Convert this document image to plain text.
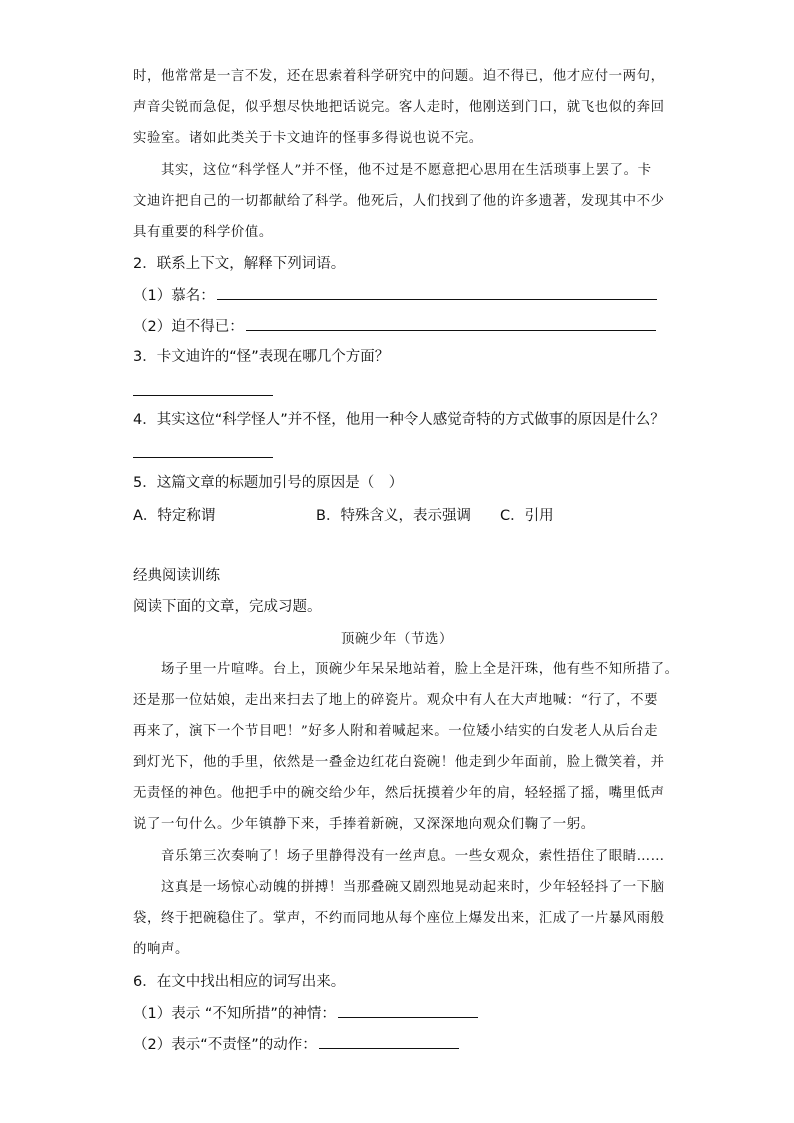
时，他常常是一言不发，还在思索着科学研究中的问题。迫不得已，他才应付一两句，
声音尖锐而急促，似乎想尽快地把话说完。客人走时，他刚送到门口，就飞也似的奔回
实验室。诸如此类关于卡文迪许的怪事多得说也说不完。
其实，这位“科学怪人”并不怪，他不过是不愿意把心思用在生活琐事上罢了。卡
文迪许把自己的一切都献给了科学。他死后，人们找到了他的许多遗著，发现其中不少
具有重要的科学价值。
2．联系上下文，解释下列词语。
（1）慕名：
（2）迫不得已：
3．卡文迪许的“怪”表现在哪几个方面？
4．其实这位“科学怪人”并不怪，他用一种令人感觉奇特的方式做事的原因是什么？
5．这篇文章的标题加引号的原因是（　）
A．特定称谓	B．特殊含义，表示强调 C．引用
经典阅读训练
阅读下面的文章，完成习题。
顶碗少年（节选）
场子里一片喧哗。台上，顶碗少年呆呆地站着，脸上全是汗珠，他有些不知所措了。
还是那一位姑娘，走出来扫去了地上的碎瓷片。观众中有人在大声地喊：“行了，不要
再来了，演下一个节目吧！”好多人附和着喊起来。一位矮小结实的白发老人从后台走
到灯光下，他的手里，依然是一叠金边红花白瓷碗！他走到少年面前，脸上微笑着，并
无责怪的神色。他把手中的碗交给少年，然后抚摸着少年的肩，轻轻摇了摇，嘴里低声
说了一句什么。少年镇静下来，手捧着新碗，又深深地向观众们鞠了一躬。
音乐第三次奏响了！场子里静得没有一丝声息。一些女观众，索性捂住了眼睛……
这真是一场惊心动魄的拼搏！当那叠碗又剧烈地晃动起来时，少年轻轻抖了一下脑
袋，终于把碗稳住了。掌声，不约而同地从每个座位上爆发出来，汇成了一片暴风雨般
的响声。
6．在文中找出相应的词写出来。
（1）表示 “不知所措”的神情：
（2）表示“不责怪”的动作：
